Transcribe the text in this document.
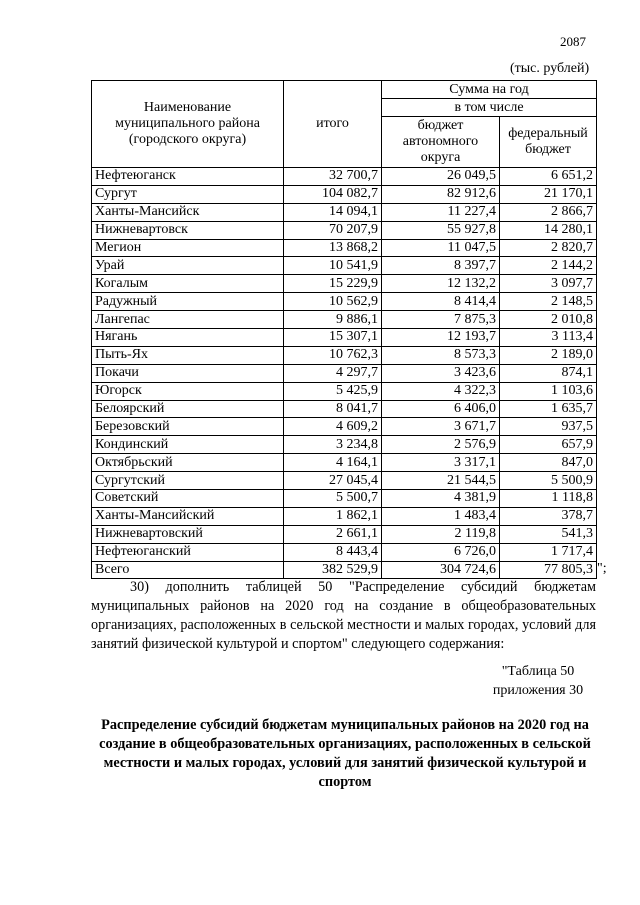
2087
(тыс. рублей)
Наименование муниципального района (городского округа)	итого	Сумма на год	
		в том числе	
		бюджет автономного округа	федеральный бюджет
Нефтеюганск	32 700,7	26 049,5	6 651,2
Сургут	104 082,7	82 912,6	21 170,1
Ханты-Мансийск	14 094,1	11 227,4	2 866,7
Нижневартовск	70 207,9	55 927,8	14 280,1
Мегион	13 868,2	11 047,5	2 820,7
Урай	10 541,9	8 397,7	2 144,2
Когалым	15 229,9	12 132,2	3 097,7
Радужный	10 562,9	8 414,4	2 148,5
Лангепас	9 886,1	7 875,3	2 010,8
Нягань	15 307,1	12 193,7	3 113,4
Пыть-Ях	10 762,3	8 573,3	2 189,0
Покачи	4 297,7	3 423,6	874,1
Югорск	5 425,9	4 322,3	1 103,6
Белоярский	8 041,7	6 406,0	1 635,7
Березовский	4 609,2	3 671,7	937,5
Кондинский	3 234,8	2 576,9	657,9
Октябрьский	4 164,1	3 317,1	847,0
Сургутский	27 045,4	21 544,5	5 500,9
Советский	5 500,7	4 381,9	1 118,8
Ханты-Мансийский	1 862,1	1 483,4	378,7
Нижневартовский	2 661,1	2 119,8	541,3
Нефтеюганский	8 443,4	6 726,0	1 717,4
Всего	382 529,9	304 724,6	77 805,3 ";

30) дополнить таблицей 50 "Распределение субсидий бюджетам муниципальных районов на 2020 год на создание в общеобразовательных организациях, расположенных в сельской местности и малых городах, условий для занятий физической культурой и спортом" следующего содержания:

"Таблица 50
приложения 30

Распределение субсидий бюджетам муниципальных районов на 2020 год на создание в общеобразовательных организациях, расположенных в сельской местности и малых городах, условий для занятий физической культурой и спортом
